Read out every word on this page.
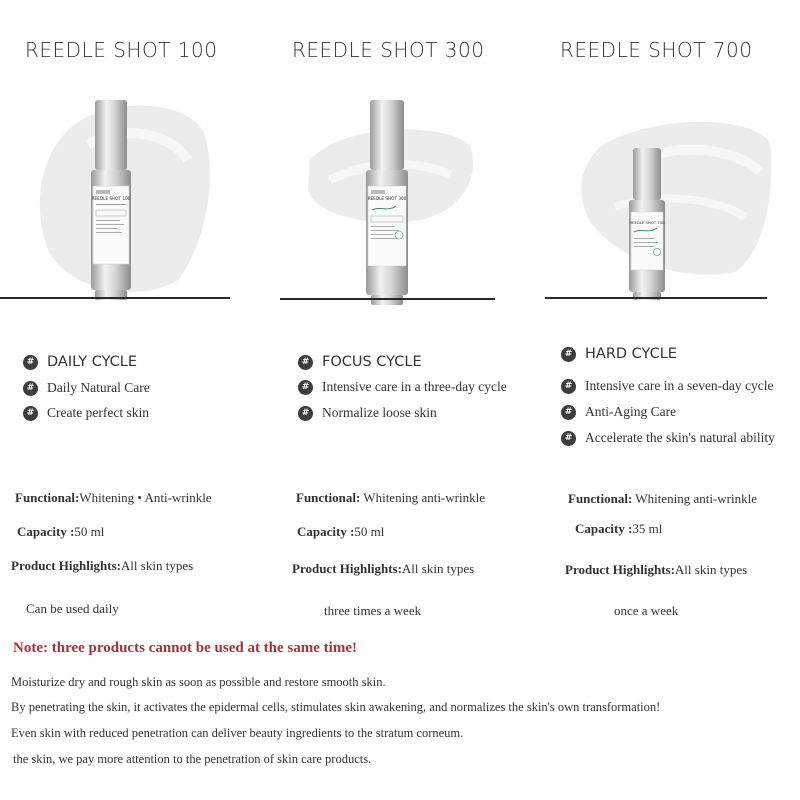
REEDLE SHOT 100
REEDLE SHOT 100
REEDLE SHOT 300
REEDLE SHOT 300
REEDLE SHOT 700
REEDLE SHOT 700
# DAILY CYCLE
# Daily Natural Care
# Create perfect skin
# FOCUS CYCLE
# Intensive care in a three-day cycle
# Normalize loose skin
# HARD CYCLE
# Intensive care in a seven-day cycle
# Anti-Aging Care
# Accelerate the skin's natural ability
Functional:Whitening • Anti-wrinkle
Capacity :50 ml
Product Highlights:All skin types
Can be used daily
Functional: Whitening anti-wrinkle
Capacity :50 ml
Product Highlights:All skin types
three times a week
Functional: Whitening anti-wrinkle
Capacity :35 ml
Product Highlights:All skin types
once a week
Note: three products cannot be used at the same time!
Moisturize dry and rough skin as soon as possible and restore smooth skin.
By penetrating the skin, it activates the epidermal cells, stimulates skin awakening, and normalizes the skin's own transformation!
Even skin with reduced penetration can deliver beauty ingredients to the stratum corneum.
the skin, we pay more attention to the penetration of skin care products.
